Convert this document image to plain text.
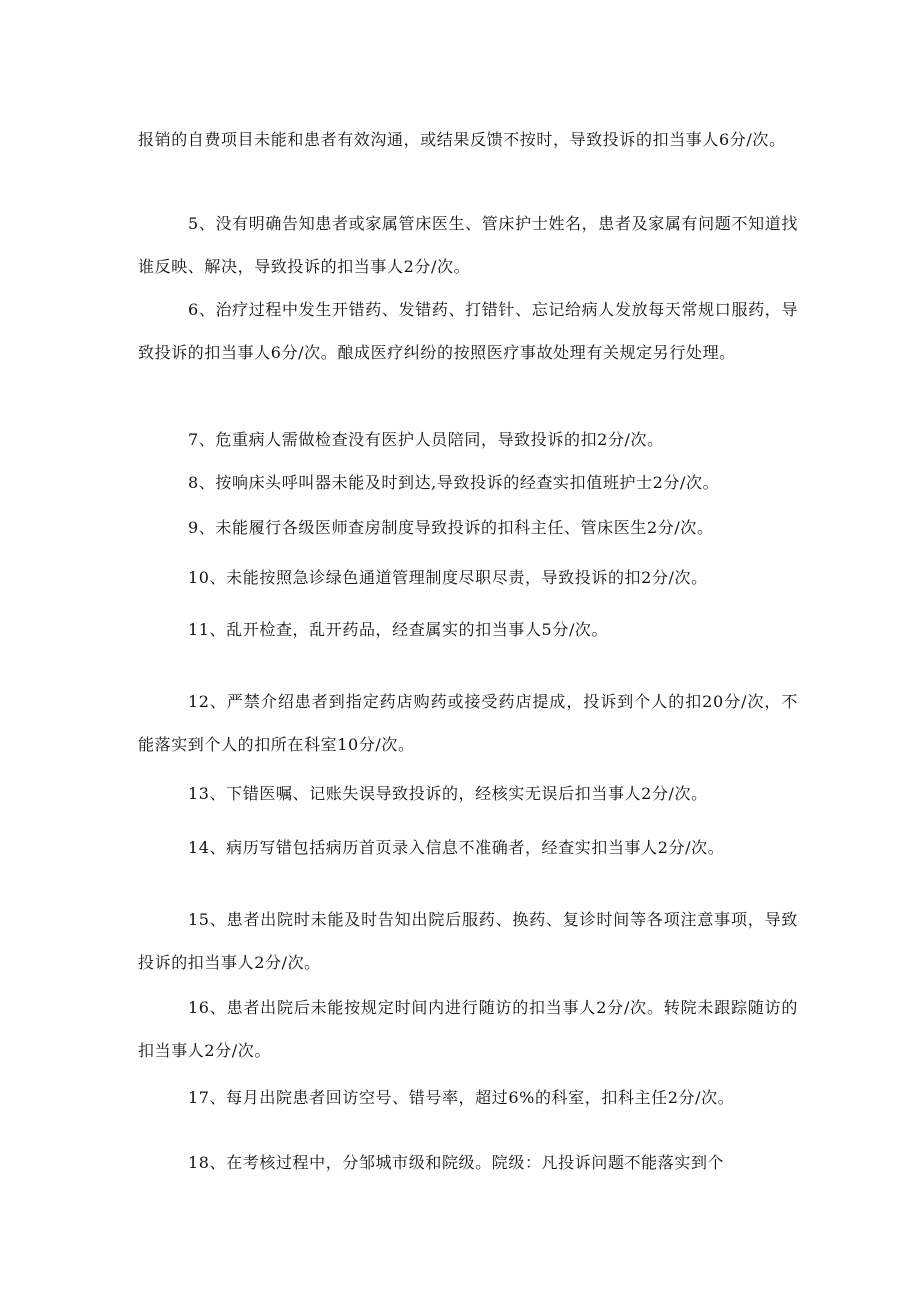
报销的自费项目未能和患者有效沟通，或结果反馈不按时，导致投诉的扣当事人6分/次。

5、没有明确告知患者或家属管床医生、管床护士姓名，患者及家属有问题不知道找谁反映、解决，导致投诉的扣当事人2分/次。

6、治疗过程中发生开错药、发错药、打错针、忘记给病人发放每天常规口服药，导致投诉的扣当事人6分/次。酿成医疗纠纷的按照医疗事故处理有关规定另行处理。

7、危重病人需做检查没有医护人员陪同，导致投诉的扣2分/次。

8、按响床头呼叫器未能及时到达,导致投诉的经查实扣值班护士2分/次。

9、未能履行各级医师查房制度导致投诉的扣科主任、管床医生2分/次。

10、未能按照急诊绿色通道管理制度尽职尽责，导致投诉的扣2分/次。

11、乱开检查，乱开药品，经查属实的扣当事人5分/次。

12、严禁介绍患者到指定药店购药或接受药店提成，投诉到个人的扣20分/次，不能落实到个人的扣所在科室10分/次。

13、下错医嘱、记账失误导致投诉的，经核实无误后扣当事人2分/次。

14、病历写错包括病历首页录入信息不准确者，经查实扣当事人2分/次。

15、患者出院时未能及时告知出院后服药、换药、复诊时间等各项注意事项，导致投诉的扣当事人2分/次。

16、患者出院后未能按规定时间内进行随访的扣当事人2分/次。转院未跟踪随访的扣当事人2分/次。

17、每月出院患者回访空号、错号率，超过6%的科室，扣科主任2分/次。

18、在考核过程中，分邹城市级和院级。院级：凡投诉问题不能落实到个
